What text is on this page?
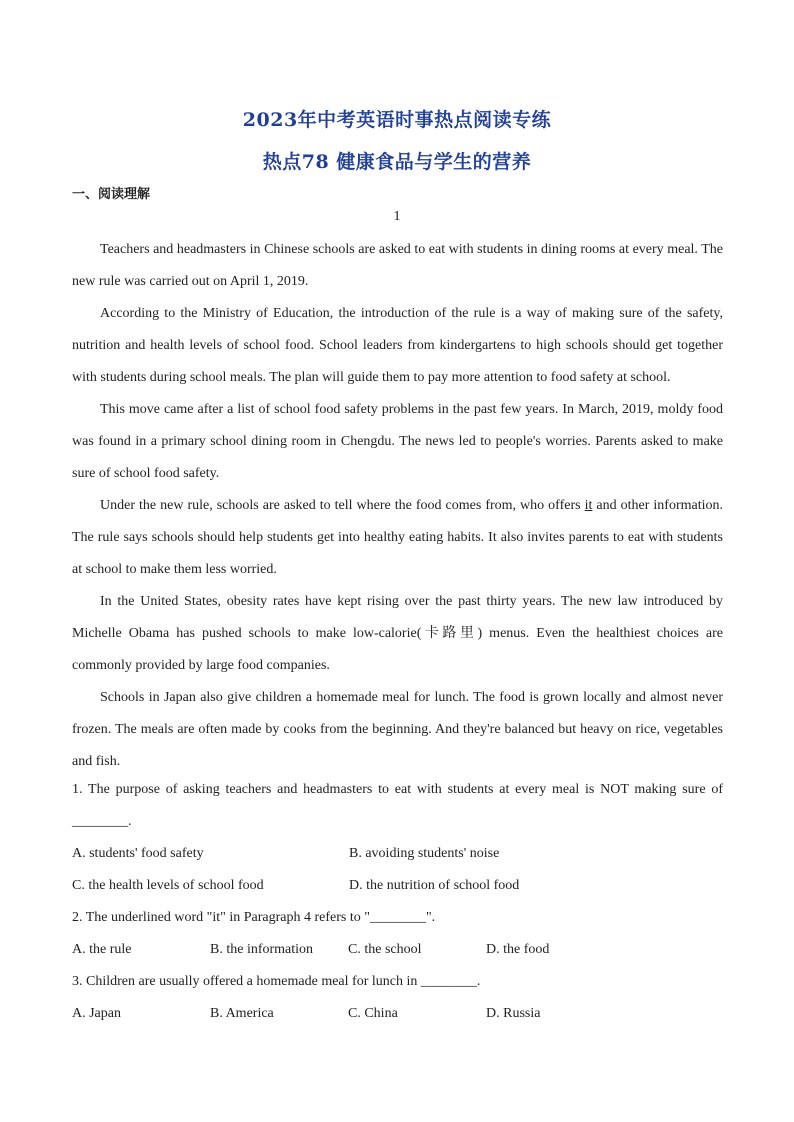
2023年中考英语时事热点阅读专练
热点78 健康食品与学生的营养
一、阅读理解
1

Teachers and headmasters in Chinese schools are asked to eat with students in dining rooms at every meal. The new rule was carried out on April 1, 2019.

According to the Ministry of Education, the introduction of the rule is a way of making sure of the safety, nutrition and health levels of school food. School leaders from kindergartens to high schools should get together with students during school meals. The plan will guide them to pay more attention to food safety at school.

This move came after a list of school food safety problems in the past few years. In March, 2019, moldy food was found in a primary school dining room in Chengdu. The news led to people's worries. Parents asked to make sure of school food safety.

Under the new rule, schools are asked to tell where the food comes from, who offers it and other information. The rule says schools should help students get into healthy eating habits. It also invites parents to eat with students at school to make them less worried.

In the United States, obesity rates have kept rising over the past thirty years. The new law introduced by Michelle Obama has pushed schools to make low-calorie(卡路里) menus. Even the healthiest choices are commonly provided by large food companies.

Schools in Japan also give children a homemade meal for lunch. The food is grown locally and almost never frozen. The meals are often made by cooks from the beginning. And they're balanced but heavy on rice, vegetables and fish.

1. The purpose of asking teachers and headmasters to eat with students at every meal is NOT making sure of ________.
A. students' food safety	B. avoiding students' noise
C. the health levels of school food	D. the nutrition of school food
2. The underlined word "it" in Paragraph 4 refers to "________".
A. the rule	B. the information	C. the school	D. the food
3. Children are usually offered a homemade meal for lunch in ________.
A. Japan	B. America	C. China	D. Russia
